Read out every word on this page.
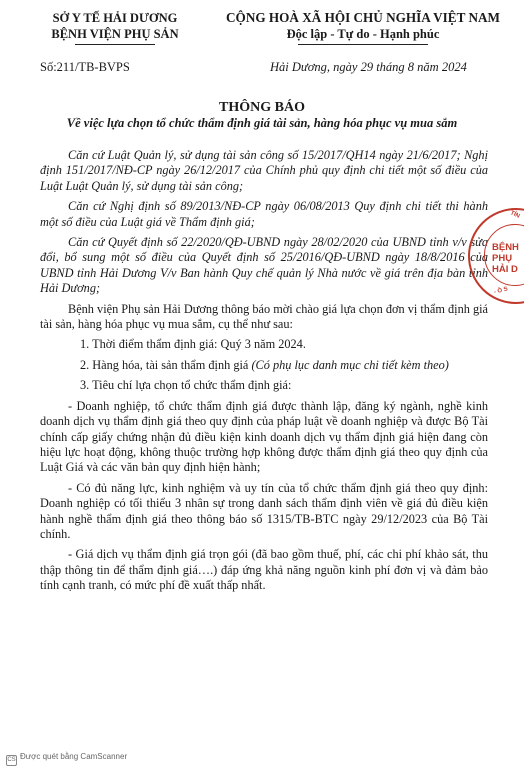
SỞ Y TẾ HẢI DƯƠNG
BỆNH VIỆN PHỤ SẢN
CỘNG HOÀ XÃ HỘI CHỦ NGHĨA VIỆT NAM
Độc lập - Tự do - Hạnh phúc
Số:211/TB-BVPS	Hải Dương, ngày 29 tháng 8 năm 2024
THÔNG BÁO
Về việc lựa chọn tổ chức thẩm định giá tài sản, hàng hóa phục vụ mua sắm

Căn cứ Luật Quản lý, sử dụng tài sản công số 15/2017/QH14 ngày 21/6/2017; Nghị định 151/2017/NĐ-CP ngày 26/12/2017 của Chính phủ quy định chi tiết một số điều của Luật Luật Quản lý, sử dụng tài sản công;

Căn cứ Nghị định số 89/2013/NĐ-CP ngày 06/08/2013 Quy định chi tiết thi hành một số điều của Luật giá về Thẩm định giá;

Căn cứ Quyết định số 22/2020/QĐ-UBND ngày 28/02/2020 của UBND tỉnh v/v sửa đổi, bổ sung một số điều của Quyết định số 25/2016/QĐ-UBND ngày 18/8/2016 của UBND tỉnh Hải Dương V/v Ban hành Quy chế quản lý Nhà nước về giá trên địa bàn tỉnh Hải Dương;

Bệnh viện Phụ sản Hải Dương thông báo mời chào giá lựa chọn đơn vị thẩm định giá tài sản, hàng hóa phục vụ mua sắm, cụ thể như sau:

1. Thời điểm thẩm định giá: Quý 3 năm 2024.

2. Hàng hóa, tài sản thẩm định giá (Có phụ lục danh mục chi tiết kèm theo)

3. Tiêu chí lựa chọn tổ chức thẩm định giá:

- Doanh nghiệp, tổ chức thẩm định giá được thành lập, đăng ký ngành, nghề kinh doanh dịch vụ thẩm định giá theo quy định của pháp luật về doanh nghiệp và được Bộ Tài chính cấp giấy chứng nhận đủ điều kiện kinh doanh dịch vụ thẩm định giá hiện đang còn hiệu lực hoạt động, không thuộc trường hợp không được thẩm định giá theo quy định của Luật Giá và các văn bản quy định hiện hành;

- Có đủ năng lực, kinh nghiệm và uy tín của tổ chức thẩm định giá theo quy định: Doanh nghiệp có tối thiểu 3 nhân sự trong danh sách thẩm định viên về giá đủ điều kiện hành nghề thẩm định giá theo thông báo số 1315/TB-BTC ngày 29/12/2023 của Bộ Tài chính.

- Giá dịch vụ thẩm định giá trọn gói (đã bao gồm thuế, phí, các chi phí khảo sát, thu thập thông tin để thẩm định giá….) đáp ứng khả năng nguồn kinh phí đơn vị và đảm bảo tính cạnh tranh, có mức phí đề xuất thấp nhất.

TỈN
BỆNH
PHỤ
HẢI D
- Ò S
CS Được quét bằng CamScanner
